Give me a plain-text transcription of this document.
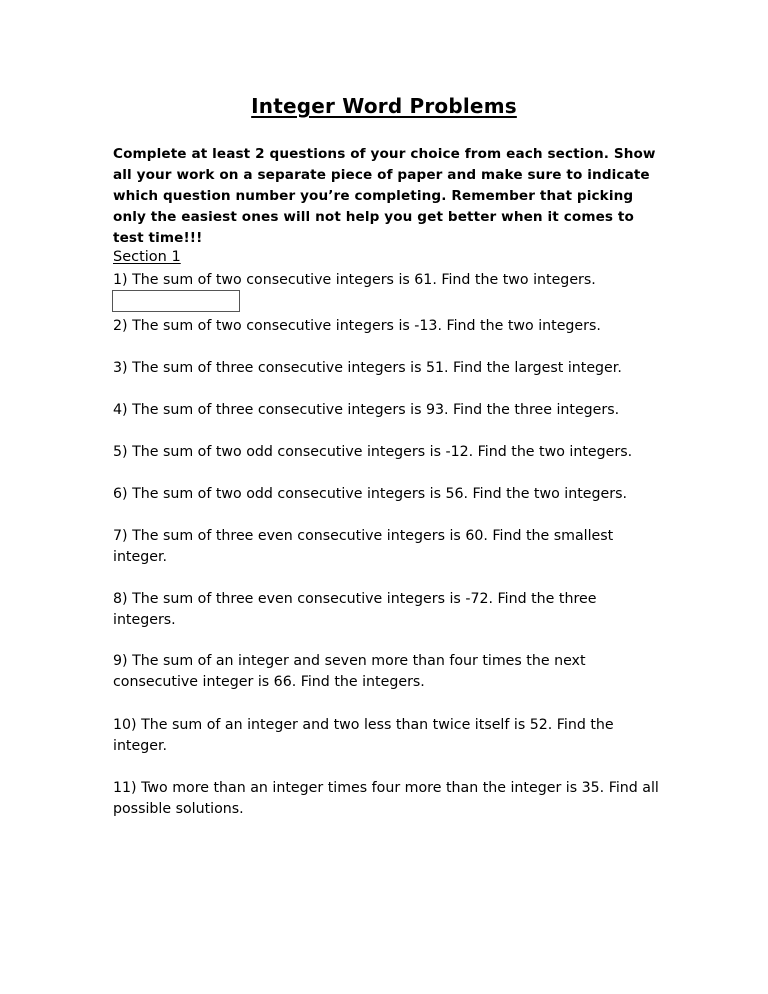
Integer Word Problems
Complete at least 2 questions of your choice from each section. Show all your work on a separate piece of paper and make sure to indicate which question number you’re completing. Remember that picking only the easiest ones will not help you get better when it comes to test time!!!
Section 1
1) The sum of two consecutive integers is 61. Find the two integers.
2) The sum of two consecutive integers is -13. Find the two integers.
3) The sum of three consecutive integers is 51. Find the largest integer.
4) The sum of three consecutive integers is 93. Find the three integers.
5) The sum of two odd consecutive integers is -12. Find the two integers.
6) The sum of two odd consecutive integers is 56. Find the two integers.
7) The sum of three even consecutive integers is 60. Find the smallest integer.
8) The sum of three even consecutive integers is -72. Find the three integers.
9) The sum of an integer and seven more than four times the next consecutive integer is 66. Find the integers.
10) The sum of an integer and two less than twice itself is 52. Find the integer.
11) Two more than an integer times four more than the integer is 35. Find all possible solutions.
